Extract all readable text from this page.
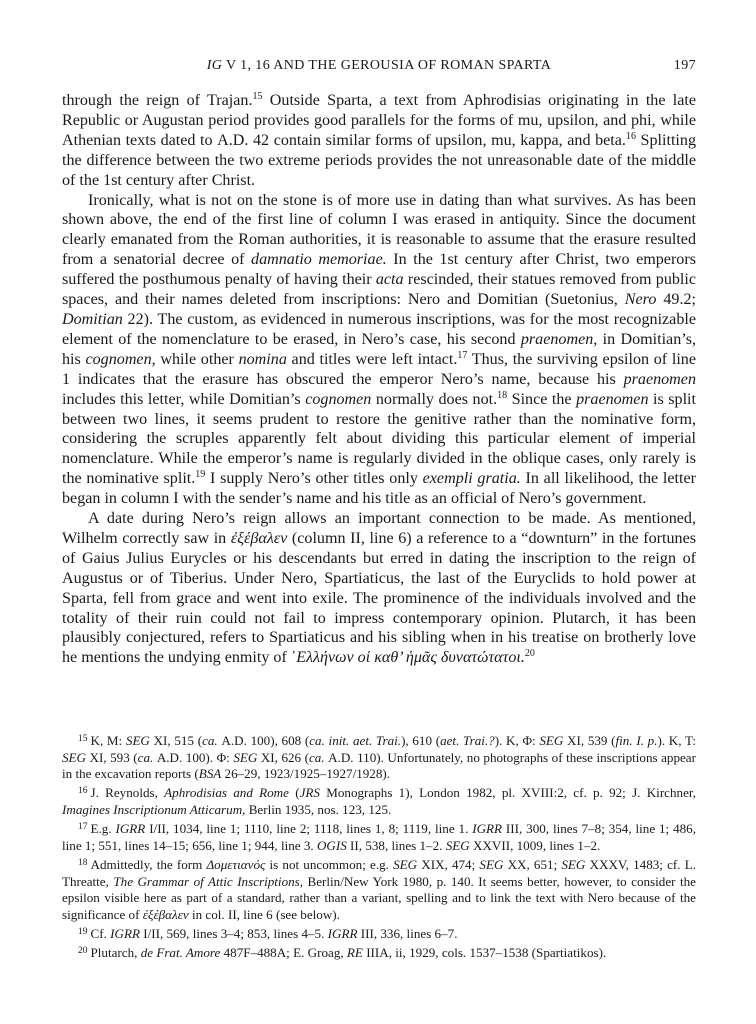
IG V 1, 16 AND THE GEROUSIA OF ROMAN SPARTA	197

through the reign of Trajan.$^{15}$ Outside Sparta, a text from Aphrodisias originating in the late Republic or Augustan period provides good parallels for the forms of mu, upsilon, and phi, while Athenian texts dated to A.D. 42 contain similar forms of upsilon, mu, kappa, and beta.$^{16}$ Splitting the difference between the two extreme periods provides the not unreasonable date of the middle of the 1st century after Christ.

Ironically, what is not on the stone is of more use in dating than what survives. As has been shown above, the end of the first line of column I was erased in antiquity. Since the document clearly emanated from the Roman authorities, it is reasonable to assume that the erasure resulted from a senatorial decree of damnatio memoriae. In the 1st century after Christ, two emperors suffered the posthumous penalty of having their acta rescinded, their statues removed from public spaces, and their names deleted from inscriptions: Nero and Domitian (Suetonius, Nero 49.2; Domitian 22). The custom, as evidenced in numerous inscriptions, was for the most recognizable element of the nomenclature to be erased, in Nero’s case, his second praenomen, in Domitian’s, his cognomen, while other nomina and titles were left intact.$^{17}$ Thus, the surviving epsilon of line 1 indicates that the erasure has obscured the emperor Nero’s name, because his praenomen includes this letter, while Domitian’s cognomen normally does not.$^{18}$ Since the praenomen is split between two lines, it seems prudent to restore the genitive rather than the nominative form, considering the scruples apparently felt about dividing this particular element of imperial nomenclature. While the emperor’s name is regularly divided in the oblique cases, only rarely is the nominative split.$^{19}$ I supply Nero’s other titles only exempli gratia. In all likelihood, the letter began in column I with the sender’s name and his title as an official of Nero’s government.

A date during Nero’s reign allows an important connection to be made. As mentioned, Wilhelm correctly saw in ἐξέβαλεν (column II, line 6) a reference to a “downturn” in the fortunes of Gaius Julius Eurycles or his descendants but erred in dating the inscription to the reign of Augustus or of Tiberius. Under Nero, Spartiaticus, the last of the Euryclids to hold power at Sparta, fell from grace and went into exile. The prominence of the individuals involved and the totality of their ruin could not fail to impress contemporary opinion. Plutarch, it has been plausibly conjectured, refers to Spartiaticus and his sibling when in his treatise on brotherly love he mentions the undying enmity of ῾Ελλήνων οἱ καθ’ ἡμᾶς δυνατώτατοι.$^{20}$

$^{15}$ K, M: SEG XI, 515 (ca. A.D. 100), 608 (ca. init. aet. Trai.), 610 (aet. Trai.?). K, Φ: SEG XI, 539 (fin. I. p.). K, T: SEG XI, 593 (ca. A.D. 100). Φ: SEG XI, 626 (ca. A.D. 110). Unfortunately, no photographs of these inscriptions appear in the excavation reports (BSA 26–29, 1923/1925–1927/1928).

$^{16}$ J. Reynolds, Aphrodisias and Rome (JRS Monographs 1), London 1982, pl. XVIII:2, cf. p. 92; J. Kirchner, Imagines Inscriptionum Atticarum, Berlin 1935, nos. 123, 125.

$^{17}$ E.g. IGRR I/II, 1034, line 1; 1110, line 2; 1118, lines 1, 8; 1119, line 1. IGRR III, 300, lines 7–8; 354, line 1; 486, line 1; 551, lines 14–15; 656, line 1; 944, line 3. OGIS II, 538, lines 1–2. SEG XXVII, 1009, lines 1–2.

$^{18}$ Admittedly, the form Δομετιανός is not uncommon; e.g. SEG XIX, 474; SEG XX, 651; SEG XXXV, 1483; cf. L. Threatte, The Grammar of Attic Inscriptions, Berlin/New York 1980, p. 140. It seems better, however, to consider the epsilon visible here as part of a standard, rather than a variant, spelling and to link the text with Nero because of the significance of ἐξέβαλεν in col. II, line 6 (see below).

$^{19}$ Cf. IGRR I/II, 569, lines 3–4; 853, lines 4–5. IGRR III, 336, lines 6–7.

$^{20}$ Plutarch, de Frat. Amore 487F–488A; E. Groag, RE IIIA, ii, 1929, cols. 1537–1538 (Spartiatikos).
